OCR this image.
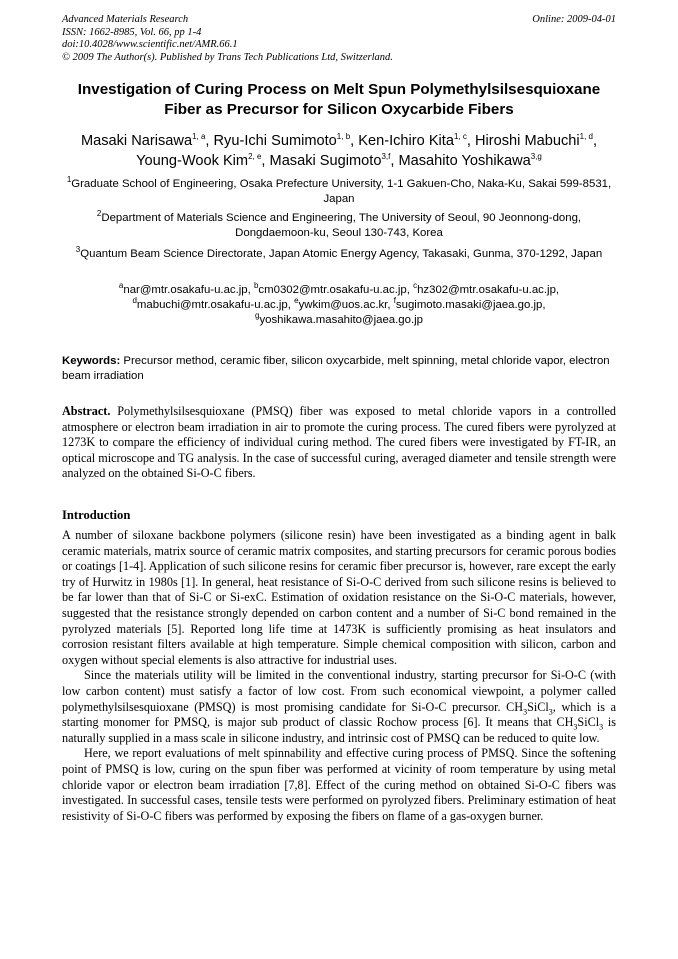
Advanced Materials Research	Online: 2009-04-01
ISSN: 1662-8985, Vol. 66, pp 1-4
doi:10.4028/www.scientific.net/AMR.66.1
© 2009 The Author(s). Published by Trans Tech Publications Ltd, Switzerland.
Investigation of Curing Process on Melt Spun Polymethylsilsesquioxane
Fiber as Precursor for Silicon Oxycarbide Fibers
Masaki Narisawa$^{1, a}$, Ryu-Ichi Sumimoto$^{1, b}$, Ken-Ichiro Kita$^{1, c}$, Hiroshi Mabuchi$^{1, d}$, Young-Wook Kim$^{2, e}$, Masaki Sugimoto$^{3,f}$, Masahito Yoshikawa$^{3,g}$
$^1$Graduate School of Engineering, Osaka Prefecture University, 1-1 Gakuen-Cho, Naka-Ku, Sakai 599-8531, Japan
$^2$Department of Materials Science and Engineering, The University of Seoul, 90 Jeonnong-dong, Dongdaemoon-ku, Seoul 130-743, Korea
$^3$Quantum Beam Science Directorate, Japan Atomic Energy Agency, Takasaki, Gunma, 370-1292, Japan
$^a$nar@mtr.osakafu-u.ac.jp, $^b$cm0302@mtr.osakafu-u.ac.jp, $^c$hz302@mtr.osakafu-u.ac.jp, $^d$mabuchi@mtr.osakafu-u.ac.jp, $^e$ywkim@uos.ac.kr, $^f$sugimoto.masaki@jaea.go.jp, $^g$yoshikawa.masahito@jaea.go.jp
Keywords: Precursor method, ceramic fiber, silicon oxycarbide, melt spinning, metal chloride vapor, electron beam irradiation
Abstract. Polymethylsilsesquioxane (PMSQ) fiber was exposed to metal chloride vapors in a controlled atmosphere or electron beam irradiation in air to promote the curing process. The cured fibers were pyrolyzed at 1273K to compare the efficiency of individual curing method. The cured fibers were investigated by FT-IR, an optical microscope and TG analysis. In the case of successful curing, averaged diameter and tensile strength were analyzed on the obtained Si-O-C fibers.
Introduction

A number of siloxane backbone polymers (silicone resin) have been investigated as a binding agent in balk ceramic materials, matrix source of ceramic matrix composites, and starting precursors for ceramic porous bodies or coatings [1-4]. Application of such silicone resins for ceramic fiber precursor is, however, rare except the early try of Hurwitz in 1980s [1]. In general, heat resistance of Si-O-C derived from such silicone resins is believed to be far lower than that of Si-C or Si-exC. Estimation of oxidation resistance on the Si-O-C materials, however, suggested that the resistance strongly depended on carbon content and a number of Si-C bond remained in the pyrolyzed materials [5]. Reported long life time at 1473K is sufficiently promising as heat insulators and corrosion resistant filters available at high temperature. Simple chemical composition with silicon, carbon and oxygen without special elements is also attractive for industrial uses.

Since the materials utility will be limited in the conventional industry, starting precursor for Si-O-C (with low carbon content) must satisfy a factor of low cost. From such economical viewpoint, a polymer called polymethylsilsesquioxane (PMSQ) is most promising candidate for Si-O-C precursor. $CH_3SiCl_3$, which is a starting monomer for PMSQ, is major sub product of classic Rochow process [6]. It means that $CH_3SiCl_3$ is naturally supplied in a mass scale in silicone industry, and intrinsic cost of PMSQ can be reduced to quite low.

Here, we report evaluations of melt spinnability and effective curing process of PMSQ. Since the softening point of PMSQ is low, curing on the spun fiber was performed at vicinity of room temperature by using metal chloride vapor or electron beam irradiation [7,8]. Effect of the curing method on obtained Si-O-C fibers was investigated. In successful cases, tensile tests were performed on pyrolyzed fibers. Preliminary estimation of heat resistivity of Si-O-C fibers was performed by exposing the fibers on flame of a gas-oxygen burner.
